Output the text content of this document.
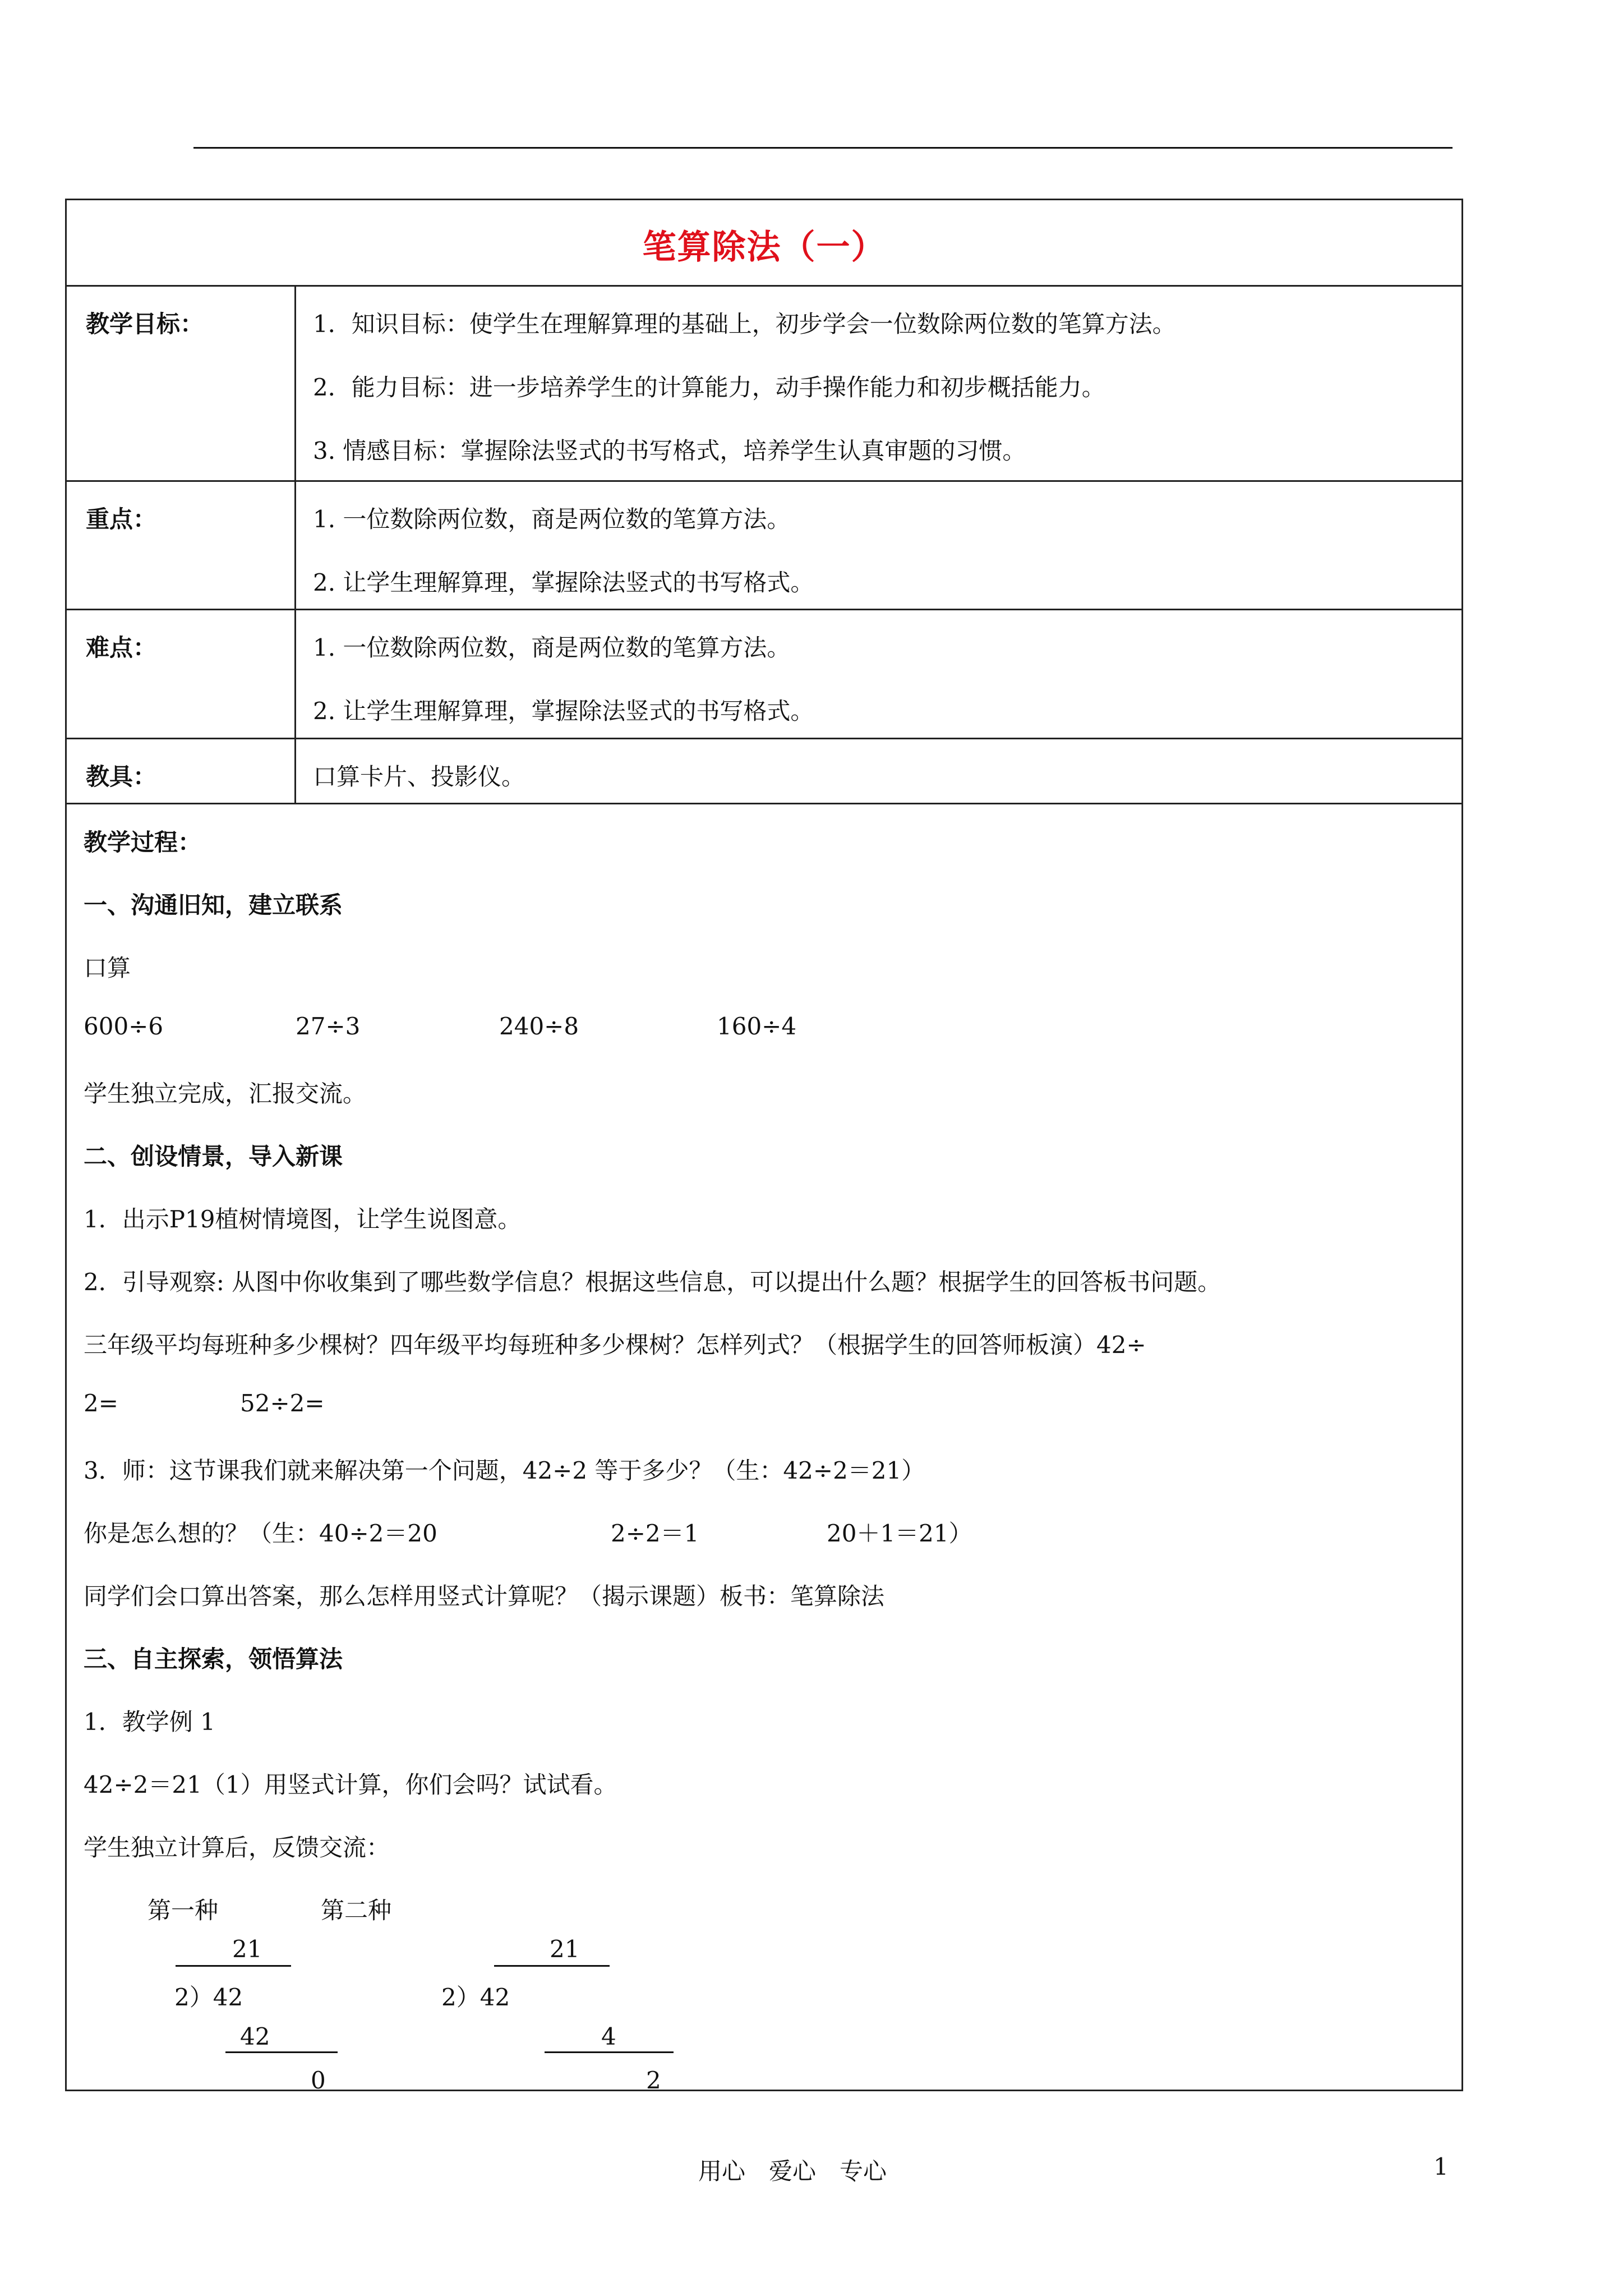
笔算除法（一）
教学目标：	1．知识目标：使学生在理解算理的基础上，初步学会一位数除两位数的笔算方法。
2．能力目标：进一步培养学生的计算能力，动手操作能力和初步概括能力。
3. 情感目标：掌握除法竖式的书写格式，培养学生认真审题的习惯。
重点：	1. 一位数除两位数，商是两位数的笔算方法。
2. 让学生理解算理，掌握除法竖式的书写格式。
难点：	1. 一位数除两位数，商是两位数的笔算方法。
2. 让学生理解算理，掌握除法竖式的书写格式。
教具：	口算卡片、投影仪。
教学过程：
一、沟通旧知，建立联系
口算
600÷6	27÷3	240÷8	160÷4
学生独立完成，汇报交流。
二、创设情景，导入新课
1．出示P19植树情境图，让学生说图意。
2．引导观察: 从图中你收集到了哪些数学信息？根据这些信息，可以提出什么题？根据学生的回答板书问题。
三年级平均每班种多少棵树？四年级平均每班种多少棵树？怎样列式？（根据学生的回答师板演）42÷
2=	52÷2=
3．师：这节课我们就来解决第一个问题，42÷2 等于多少？（生：42÷2＝21）
你是怎么想的？（生：40÷2＝20	2÷2＝1	20＋1＝21）
同学们会口算出答案，那么怎样用竖式计算呢？（揭示课题）板书：笔算除法
三、自主探索，领悟算法
1．教学例 1
42÷2＝21（1）用竖式计算，你们会吗？试试看。
学生独立计算后，反馈交流：
第一种
21
2）42
42
0
第二种
21
2）42
4
2
用心　爱心　专心	1
